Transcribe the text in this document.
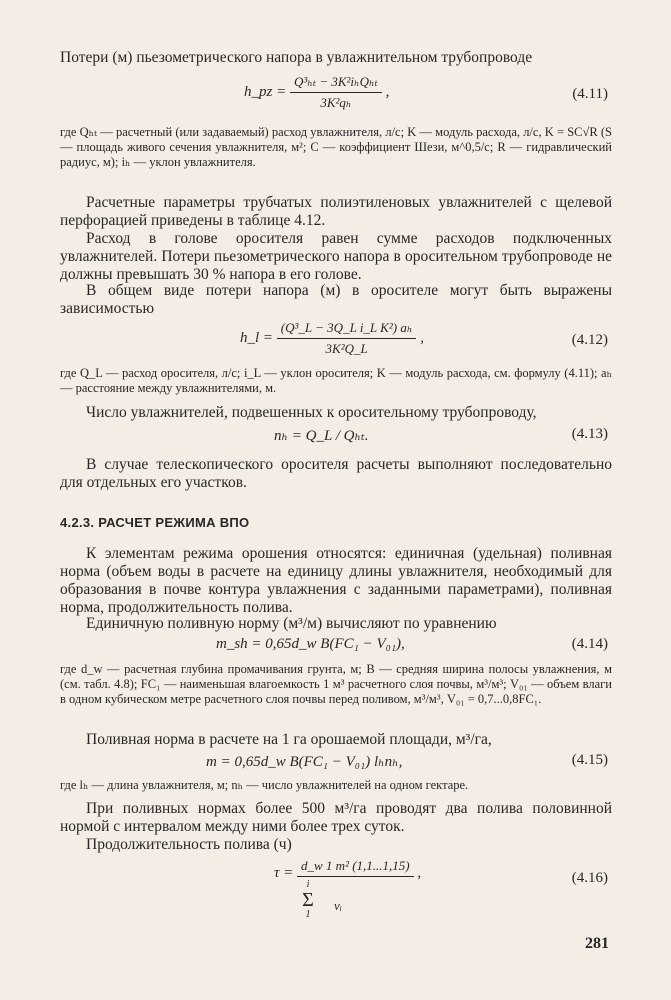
Потери (м) пьезометрического напора в увлажнительном трубопроводе
h_pz = $\frac{\text{Q³ₕₜ − 3K²iₕQₕₜ}}{\text{3K²qₕ}}$ ,	(4.11)
где Qₕₜ — расчетный (или задаваемый) расход увлажнителя, л/с; K — модуль расхода, л/с, K = SC√R (S — площадь живого сечения увлажнителя, м²; C — коэффициент Шези, м^0,5/с; R — гидравлический радиус, м); iₕ — уклон увлажнителя.
Расчетные параметры трубчатых полиэтиленовых увлажнителей с щелевой перфорацией приведены в таблице 4.12.
Расход в голове оросителя равен сумме расходов подключенных увлажнителей. Потери пьезометрического напора в оросительном трубопроводе не должны превышать 30 % напора в его голове.
В общем виде потери напора (м) в оросителе могут быть выражены зависимостью
h_l = $\frac{\text{(Q³\_L − 3Q\_L i\_L K²) aₕ}}{\text{3K²Q\_L}}$ ,	(4.12)
где Q_L — расход оросителя, л/с; i_L — уклон оросителя; K — модуль расхода, см. формулу (4.11); aₕ — расстояние между увлажнителями, м.
Число увлажнителей, подвешенных к оросительному трубопроводу,
nₕ = Q_L / Qₕₜ.	(4.13)
В случае телескопического оросителя расчеты выполняют последовательно для отдельных его участков.
4.2.3. РАСЧЕТ РЕЖИМА ВПО
К элементам режима орошения относятся: единичная (удельная) поливная норма (объем воды в расчете на единицу длины увлажнителя, необходимый для образования в почве контура увлажнения с заданными параметрами), поливная норма, продолжительность полива.
Единичную поливную норму (м³/м) вычисляют по уравнению
m_sh = 0,65d_w B(FC₁ − V₀₁),	(4.14)
где d_w — расчетная глубина промачивания грунта, м; B — средняя ширина полосы увлажнения, м (см. табл. 4.8); FC₁ — наименьшая влагоемкость 1 м³ расчетного слоя почвы, м³/м³; V₀₁ — объем влаги в одном кубическом метре расчетного слоя почвы перед поливом, м³/м³, V₀₁ = 0,7...0,8FC₁.
Поливная норма в расчете на 1 га орошаемой площади, м³/га,
m = 0,65d_w B(FC₁ − V₀₁) lₕnₕ,	(4.15)
где lₕ — длина увлажнителя, м; nₕ — число увлажнителей на одном гектаре.
При поливных нормах более 500 м³/га проводят два полива половинной нормой с интервалом между ними более трех суток.
Продолжительность полива (ч)
τ = d_w 1 m² (1,1...1,15) ,	(4.16)
i
Σ
1
vᵢ
281
